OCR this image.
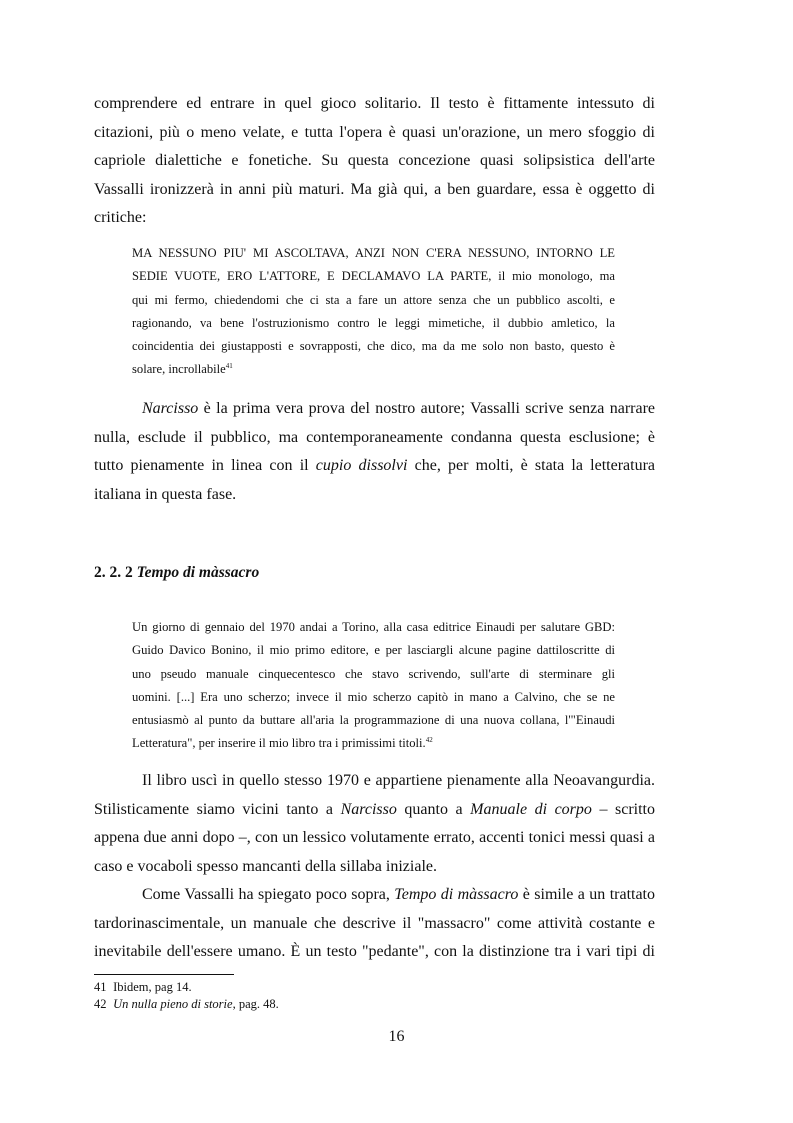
comprendere ed entrare in quel gioco solitario. Il testo è fittamente intessuto di
citazioni, più o meno velate, e tutta l'opera è quasi un'orazione, un mero sfoggio di
capriole dialettiche e fonetiche. Su questa concezione quasi solipsistica dell'arte
Vassalli ironizzerà in anni più maturi. Ma già qui, a ben guardare, essa è oggetto di
critiche:
MA NESSUNO PIU' MI ASCOLTAVA, ANZI NON C'ERA NESSUNO, INTORNO LE
SEDIE VUOTE, ERO L'ATTORE, E DECLAMAVO LA PARTE, il mio monologo, ma
qui mi fermo, chiedendomi che ci sta a fare un attore senza che un pubblico ascolti, e
ragionando, va bene l'ostruzionismo contro le leggi mimetiche, il dubbio amletico, la
coincidentia dei giustapposti e sovrapposti, che dico, ma da me solo non basto, questo è
solare, incrollabile$^{41}$
Narcisso è la prima vera prova del nostro autore; Vassalli scrive senza narrare
nulla, esclude il pubblico, ma contemporaneamente condanna questa esclusione; è
tutto pienamente in linea con il cupio dissolvi che, per molti, è stata la letteratura
italiana in questa fase.
2. 2. 2 Tempo di màssacro
Un giorno di gennaio del 1970 andai a Torino, alla casa editrice Einaudi per salutare GBD:
Guido Davico Bonino, il mio primo editore, e per lasciargli alcune pagine dattiloscritte di
uno pseudo manuale cinquecentesco che stavo scrivendo, sull'arte di sterminare gli
uomini. [...] Era uno scherzo; invece il mio scherzo capitò in mano a Calvino, che se ne
entusiasmò al punto da buttare all'aria la programmazione di una nuova collana, l'"Einaudi
Letteratura", per inserire il mio libro tra i primissimi titoli.$^{42}$
Il libro uscì in quello stesso 1970 e appartiene pienamente alla Neoavangurdia.
Stilisticamente siamo vicini tanto a Narcisso quanto a Manuale di corpo – scritto
appena due anni dopo –, con un lessico volutamente errato, accenti tonici messi quasi a
caso e vocaboli spesso mancanti della sillaba iniziale.
Come Vassalli ha spiegato poco sopra, Tempo di màssacro è simile a un trattato
tardorinascimentale, un manuale che descrive il "massacro" come attività costante e
inevitabile dell'essere umano. È un testo "pedante", con la distinzione tra i vari tipi di
41 Ibidem, pag 14.
42 Un nulla pieno di storie, pag. 48.
16
